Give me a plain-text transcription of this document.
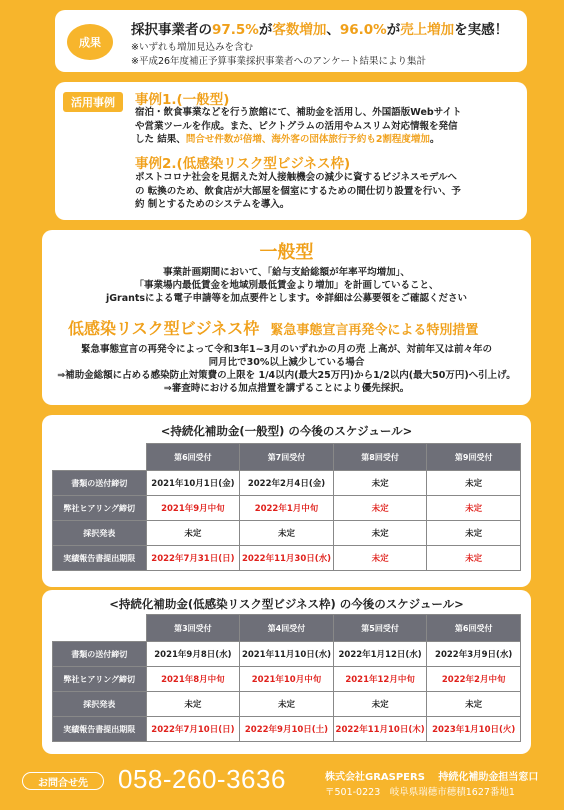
成果
採択事業者の97.5%が客数増加、96.0%が売上増加を実感！
※いずれも増加見込みを含む
※平成26年度補正予算事業採択事業者へのアンケート結果により集計
活用事例	事例1.(一般型)
宿泊・飲食事業などを行う旅館にて、補助金を活用し、外国語版Webサイト
や営業ツールを作成。また、ピクトグラムの活用やムスリム対応情報を発信
した 結果、問合せ件数が倍増、海外客の団体旅行予約も2割程度増加。
事例2.(低感染リスク型ビジネス枠)
ポストコロナ社会を見据えた対人接触機会の減少に資するビジネスモデルへ
の 転換のため、飲食店が大部屋を個室にするための間仕切り設置を行い、予
約 制とするためのシステムを導入。
一般型
事業計画期間において、「給与支給総額が年率平均増加」、
「事業場内最低賃金を地域別最低賃金より増加」を計画していること、
jGrantsによる電子申請等を加点要件とします。※詳細は公募要領をご確認ください
低感染リスク型ビジネス枠 緊急事態宣言再発令による特別措置
緊急事態宣言の再発令によって令和3年1~3月のいずれかの月の売 上高が、対前年又は前々年の
同月比で30%以上減少している場合
⇒補助金総額に占める感染防止対策費の上限を 1/4以内(最大25万円)から1/2以内(最大50万円)へ引上げ。
⇒審査時における加点措置を講ずることにより優先採択。
<持続化補助金(一般型) の今後のスケジュール>
	第6回受付	第7回受付	第8回受付	第9回受付
書類の送付締切	2021年10月1日(金)	2022年2月4日(金)	未定	未定
弊社ヒアリング締切	2021年9月中旬	2022年1月中旬	未定	未定
採択発表	未定	未定	未定	未定
実績報告書提出期限	2022年7月31日(日)	2022年11月30日(水)	未定	未定
<持続化補助金(低感染リスク型ビジネス枠) の今後のスケジュール>
	第3回受付	第4回受付	第5回受付	第6回受付
書類の送付締切	2021年9月8日(水)	2021年11月10日(水)	2022年1月12日(水)	2022年3月9日(水)
弊社ヒアリング締切	2021年8月中旬	2021年10月中旬	2021年12月中旬	2022年2月中旬
採択発表	未定	未定	未定	未定
実績報告書提出期限	2022年7月10日(日)	2022年9月10日(土)	2022年11月10日(木)	2023年1月10日(火)
お問合せ先	058-260-3636	株式会社GRASPERS　 持続化補助金担当窓口
〒501-0223　岐阜県瑞穂市穂積1627番地1
